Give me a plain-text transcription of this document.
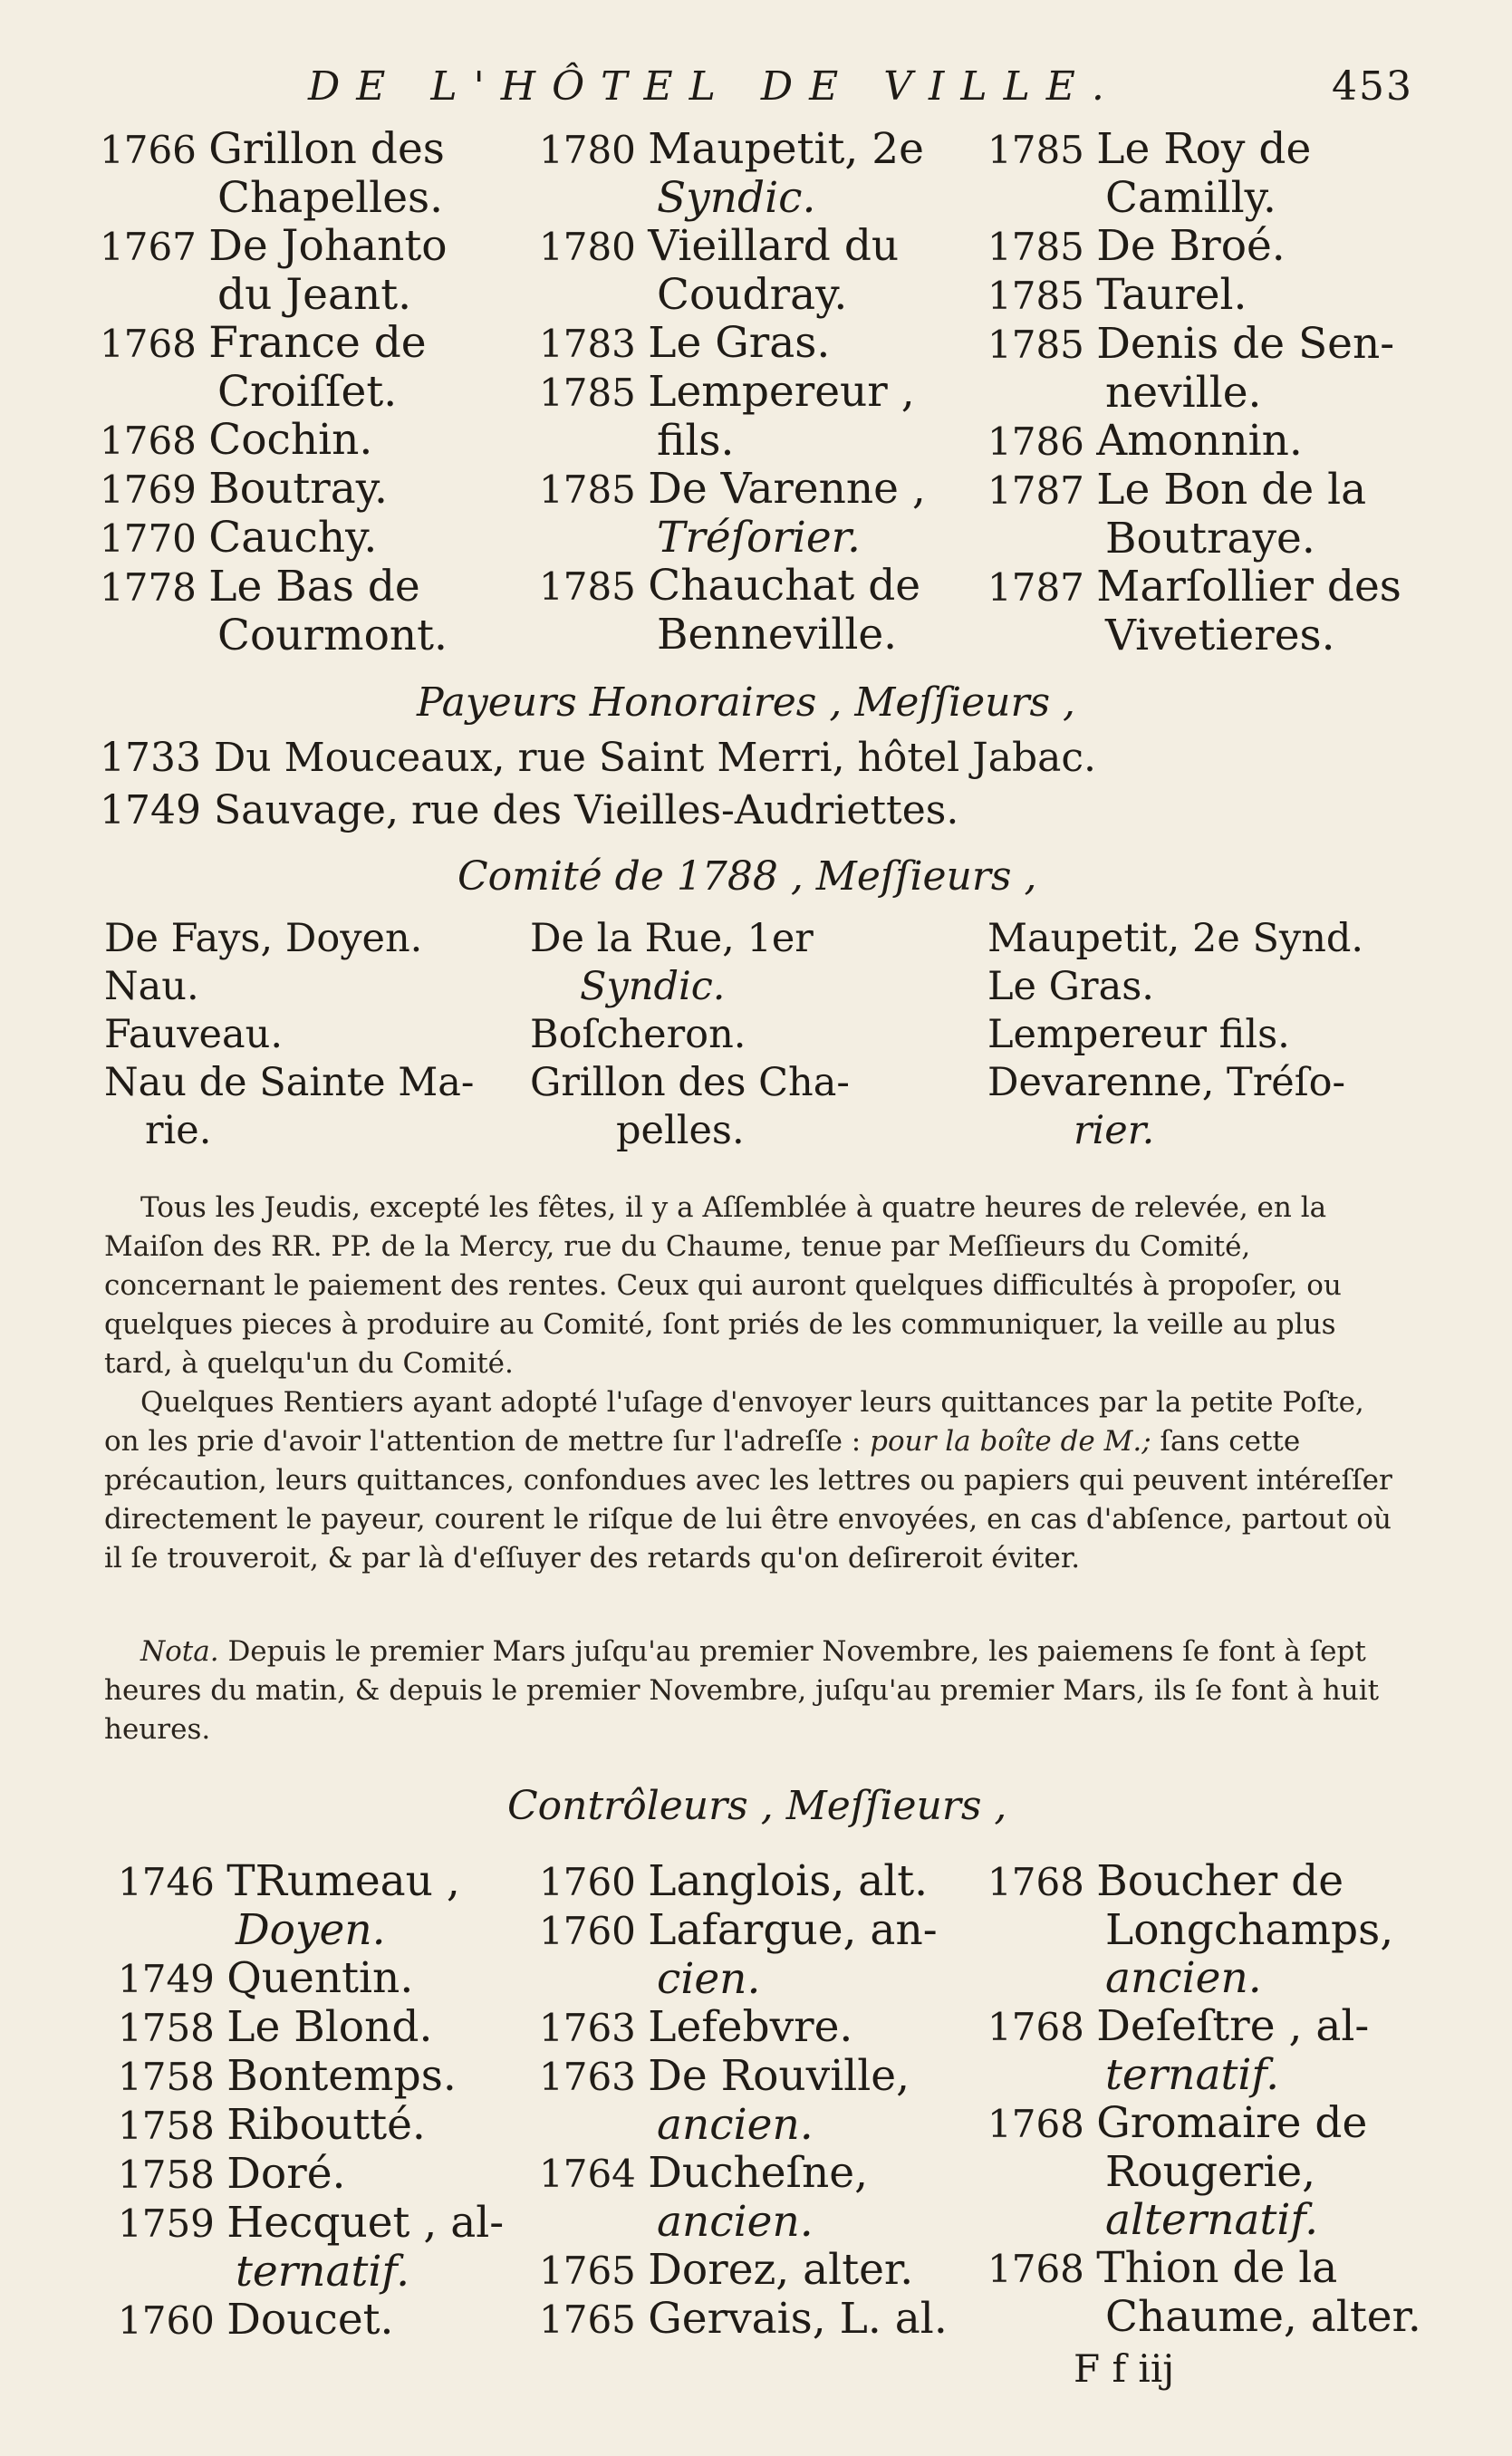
DE L'HÔTEL DE VILLE.	453
1766 Grillon des
Chapelles.
1767 De Johanto
du Jeant.
1768 France de
Croiſſet.
1768 Cochin.
1769 Boutray.
1770 Cauchy.
1778 Le Bas de
Courmont.
1780 Maupetit, 2e
Syndic.
1780 Vieillard du
Coudray.
1783 Le Gras.
1785 Lempereur ,
fils.
1785 De Varenne ,
Tréſorier.
1785 Chauchat de
Benneville.
1785 Le Roy de
Camilly.
1785 De Broé.
1785 Taurel.
1785 Denis de Sen-
neville.
1786 Amonnin.
1787 Le Bon de la
Boutraye.
1787 Marſollier des
Vivetieres.
Payeurs Honoraires , Meſſieurs ,
1733 Du Mouceaux, rue Saint Merri, hôtel Jabac.
1749 Sauvage, rue des Vieilles-Audriettes.
Comité de 1788 , Meſſieurs ,
De Fays, Doyen.
Nau.
Fauveau.
Nau de Sainte Ma-
rie.
De la Rue, 1er
Syndic.
Boſcheron.
Grillon des Cha-
pelles.
Maupetit, 2e Synd.
Le Gras.
Lempereur fils.
Devarenne, Tréſo-
rier.
Tous les Jeudis, excepté les fêtes, il y a Aſſemblée à quatre heures de relevée, en la Maiſon des RR. PP. de la Mercy, rue du Chaume, tenue par Meſſieurs du Comité, concernant le paiement des rentes. Ceux qui auront quelques difficultés à propoſer, ou quelques pieces à produire au Comité, ſont priés de les communiquer, la veille au plus tard, à quelqu'un du Comité.
Quelques Rentiers ayant adopté l'uſage d'envoyer leurs quittances par la petite Poſte, on les prie d'avoir l'attention de mettre ſur l'adreſſe : pour la boîte de M.; ſans cette précaution, leurs quittances, confondues avec les lettres ou papiers qui peuvent intéreſſer directement le payeur, courent le riſque de lui être envoyées, en cas d'abſence, partout où il ſe trouveroit, & par là d'eſſuyer des retards qu'on deſireroit éviter.
Nota. Depuis le premier Mars juſqu'au premier Novembre, les paiemens ſe font à ſept heures du matin, & depuis le premier Novembre, juſqu'au premier Mars, ils ſe font à huit heures.
Contrôleurs , Meſſieurs ,
1746 TRumeau ,
Doyen.
1749 Quentin.
1758 Le Blond.
1758 Bontemps.
1758 Riboutté.
1758 Doré.
1759 Hecquet , al-
ternatif.
1760 Doucet.
1760 Langlois, alt.
1760 Lafargue, an-
cien.
1763 Lefebvre.
1763 De Rouville,
ancien.
1764 Ducheſne,
ancien.
1765 Dorez, alter.
1765 Gervais, L. al.
1768 Boucher de
Longchamps,
ancien.
1768 Deſeſtre , al-
ternatif.
1768 Gromaire de
Rougerie,
alternatif.
1768 Thion de la
Chaume, alter.
F f iij
